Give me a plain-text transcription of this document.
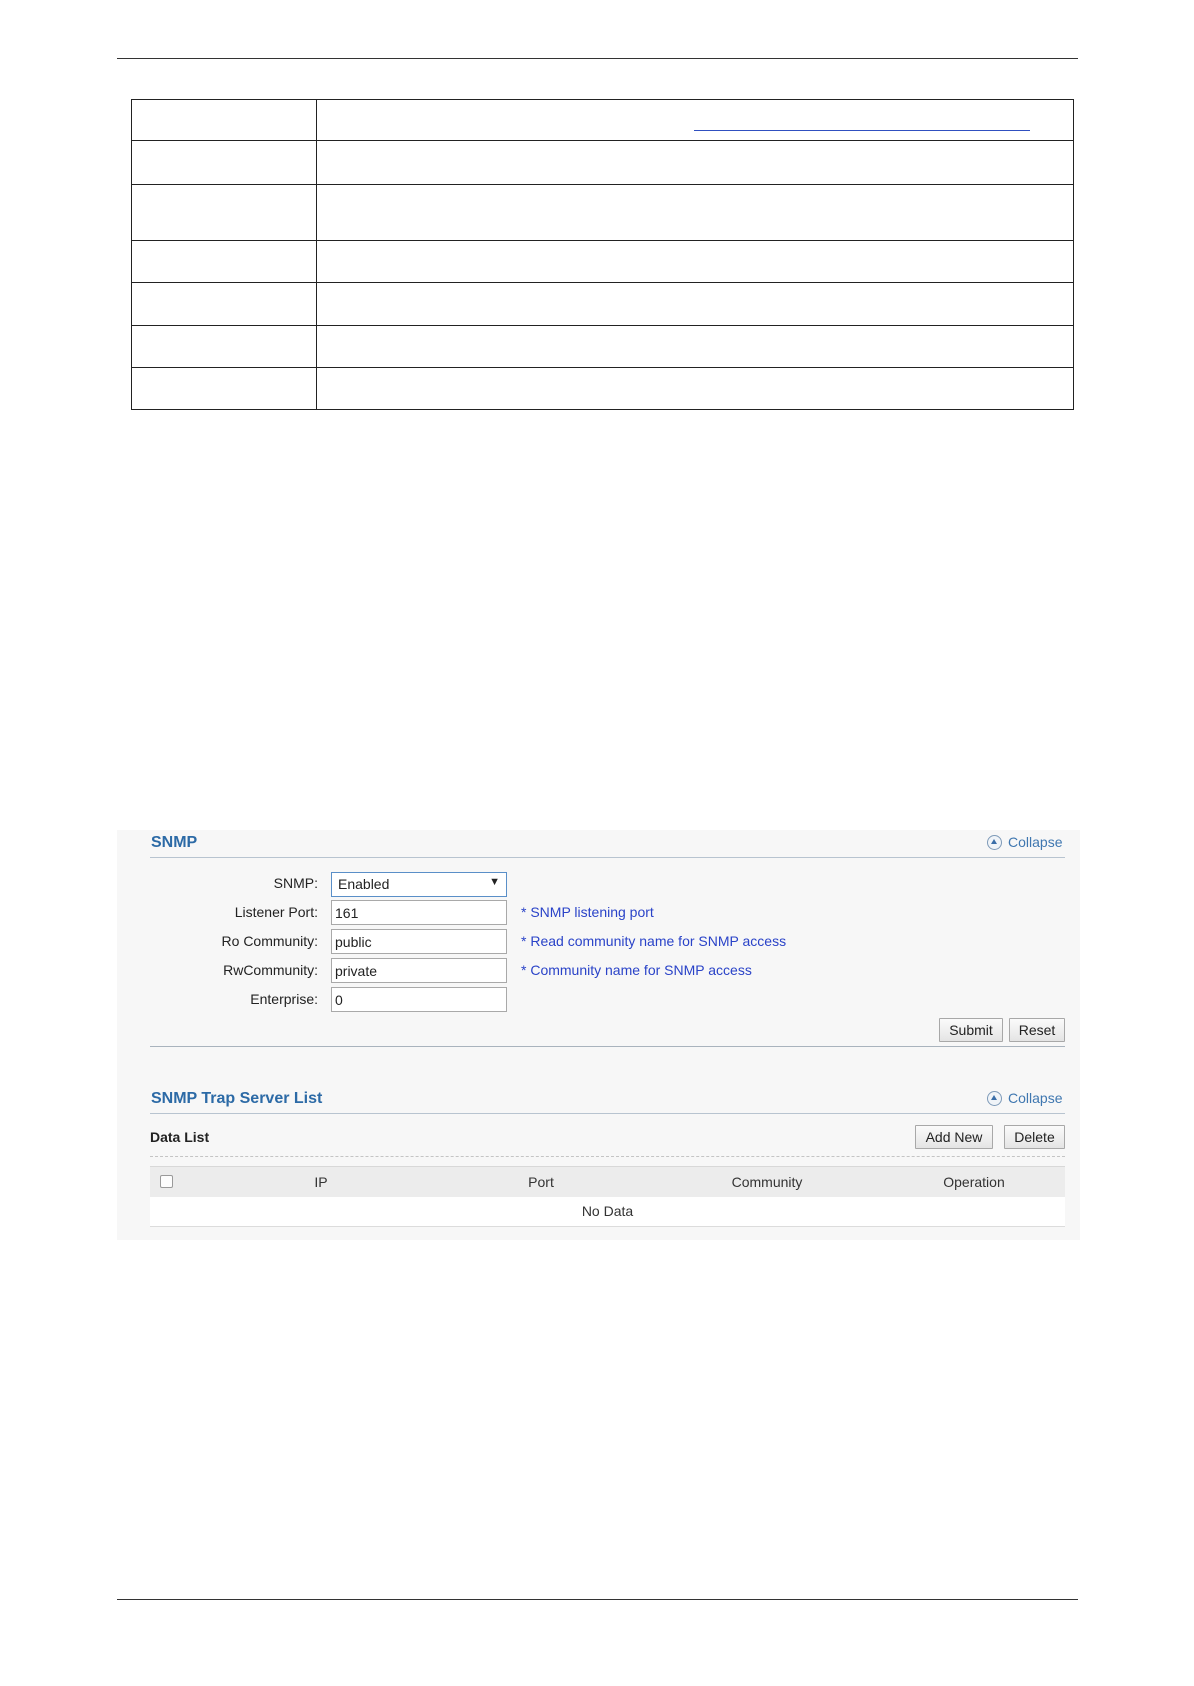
SNMP	Collapse
SNMP:	Enabled	▼
Listener Port:
161	* SNMP listening port
Ro Community:
public	* Read community name for SNMP access
RwCommunity:
private	* Community name for SNMP access
Enterprise:
0
Submit	Reset
SNMP Trap Server List	Collapse
Data List	Add New	Delete
IP	Port	Community	Operation
No Data
